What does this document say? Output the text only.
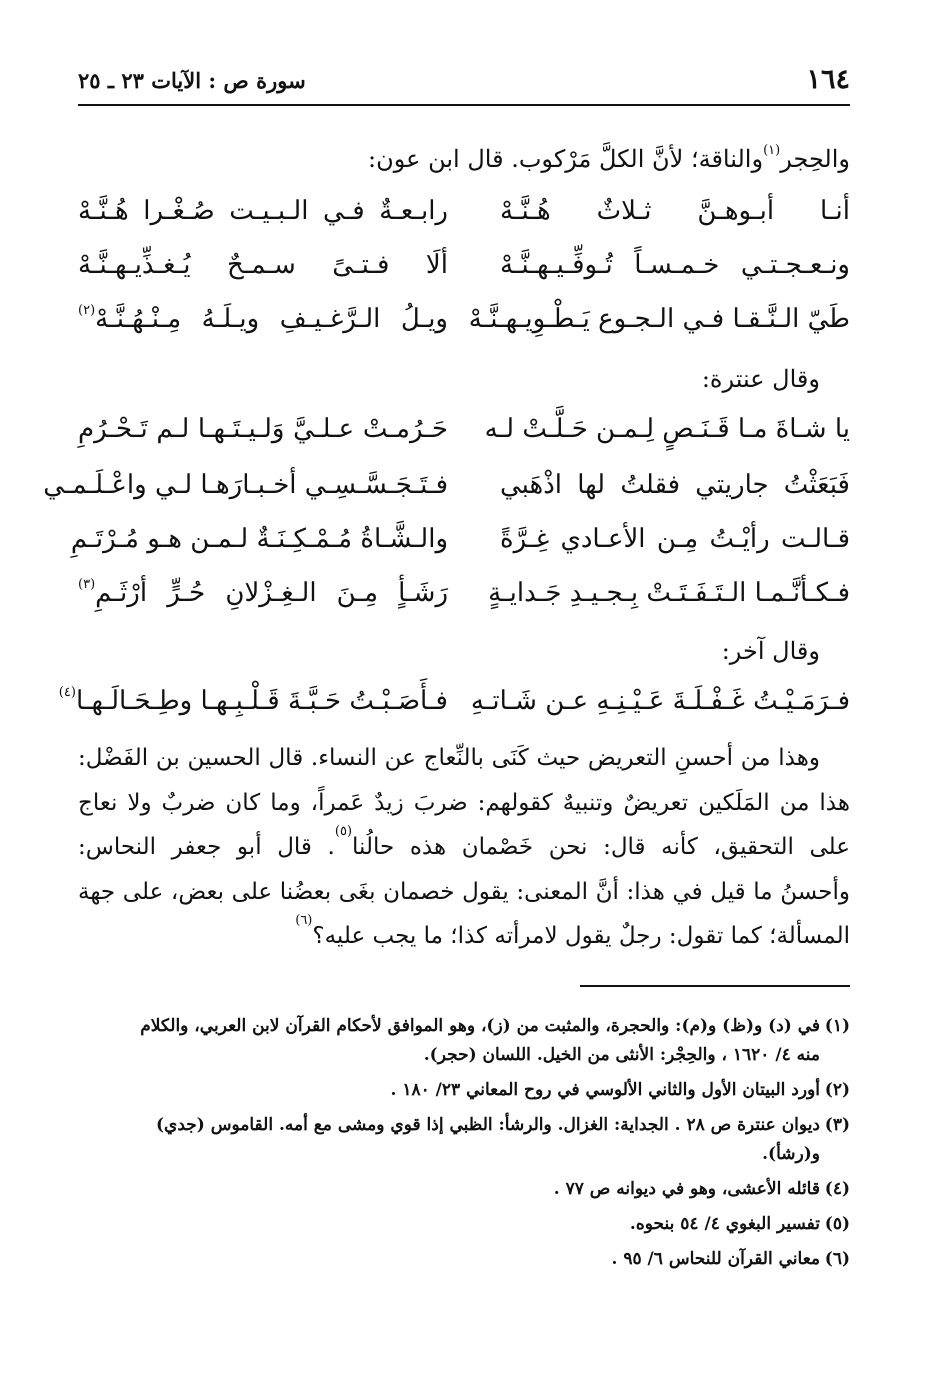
١٦٤
سورة ص : الآيات ٢٣ ـ ٢٥
والحِجر$^{(١)}$والناقة؛ لأنَّ الكلَّ مَرْكوب. قال ابن عون:
أنـا أبـوهـنَّ ثـلاثٌ هُـنَّـهْ
رابـعـةٌ فـي الـبـيـت صُـغْـرا هُـنَّـهْ
ونـعـجـتـي خـمـسـاً تُـوفِّـيـهـنَّـهْ
ألَا فـتـىً سـمـحٌ يُـغـذِّيـهـنَّـهْ
طَيّ الـنَّـقـا فـي الـجـوع يَـطْـوِيـهـنَّـهْ
ويـلُ الـرَّغـيـفِ ويـلَـهُ مِـنْـهُـنَّـهْ$^{(٢)}$
وقال عنترة:
يا شـاةَ مـا قَـنَـصٍ لِـمـن حَـلَّـتْ لـه
حَـرُمـتْ عـلـيَّ وَلـيـتَـهـا لـم تَـحْـرُمِ
فَبَعَثْتُ جاريتي فقلتُ لها اذْهَبي
فـتَـجَـسَّـسِـي أخـبـارَهـا لـي واعْـلَـمـي
قـالـت رأيْـتُ مِـن الأعـادي غِـرَّةً
والـشَّـاةُ مُـمْـكِـنَـةٌ لـمـن هـو مُـرْتَـمِ
فـكـأنَّـمـا الـتَـفَـتَـتْ بِـجـيـدِ جَـدايـةٍ
رَشَـأٍ مِـنَ الـغِـزْلانِ حُـرٍّ أرْثَـمِ$^{(٣)}$
وقال آخر:
فـرَمَـيْـتُ غَـفْـلَـةَ عَـيْـنِـهِ عـن شَـاتـهِ
فـأَصَـبْـتُ حَـبَّـةَ قَـلْـبِـهـا وطِـحَـالَـهـا$^{(٤)}$
وهذا من أحسنِ التعريض حيث كَنَى بالنِّعاج عن النساء. قال الحسين بن الفَضْل:
هذا من المَلَكين تعريضٌ وتنبيهٌ كقولهم: ضربَ زيدٌ عَمراً، وما كان ضربٌ ولا نعاج
على التحقيق، كأنه قال: نحن خَصْمان هذه حالُنا$^{(٥)}$. قال أبو جعفر النحاس:
وأحسنُ ما قيل في هذا: أنَّ المعنى: يقول خصمان بغَى بعضُنا على بعض، على جهة
المسألة؛ كما تقول: رجلٌ يقول لامرأته كذا؛ ما يجب عليه؟$^{(٦)}$
(١)في (د) و(ظ) و(م): والحجرة، والمثبت من (ز)، وهو الموافق لأحكام القرآن لابن العربي، والكلام
منه ٤/ ١٦٢٠ ، والحِجْر: الأنثى من الخيل. اللسان (حجر).
(٢)أورد البيتان الأول والثاني الألوسي في روح المعاني ٢٣/ ١٨٠ .
(٣)ديوان عنترة ص ٢٨ . الجداية: الغزال. والرشأ: الظبي إذا قوي ومشى مع أمه. القاموس (جدي)
و(رشأ).
(٤)قائله الأعشى، وهو في ديوانه ص ٧٧ .
(٥)تفسير البغوي ٤/ ٥٤ بنحوه.
(٦)معاني القرآن للنحاس ٦/ ٩٥ .
